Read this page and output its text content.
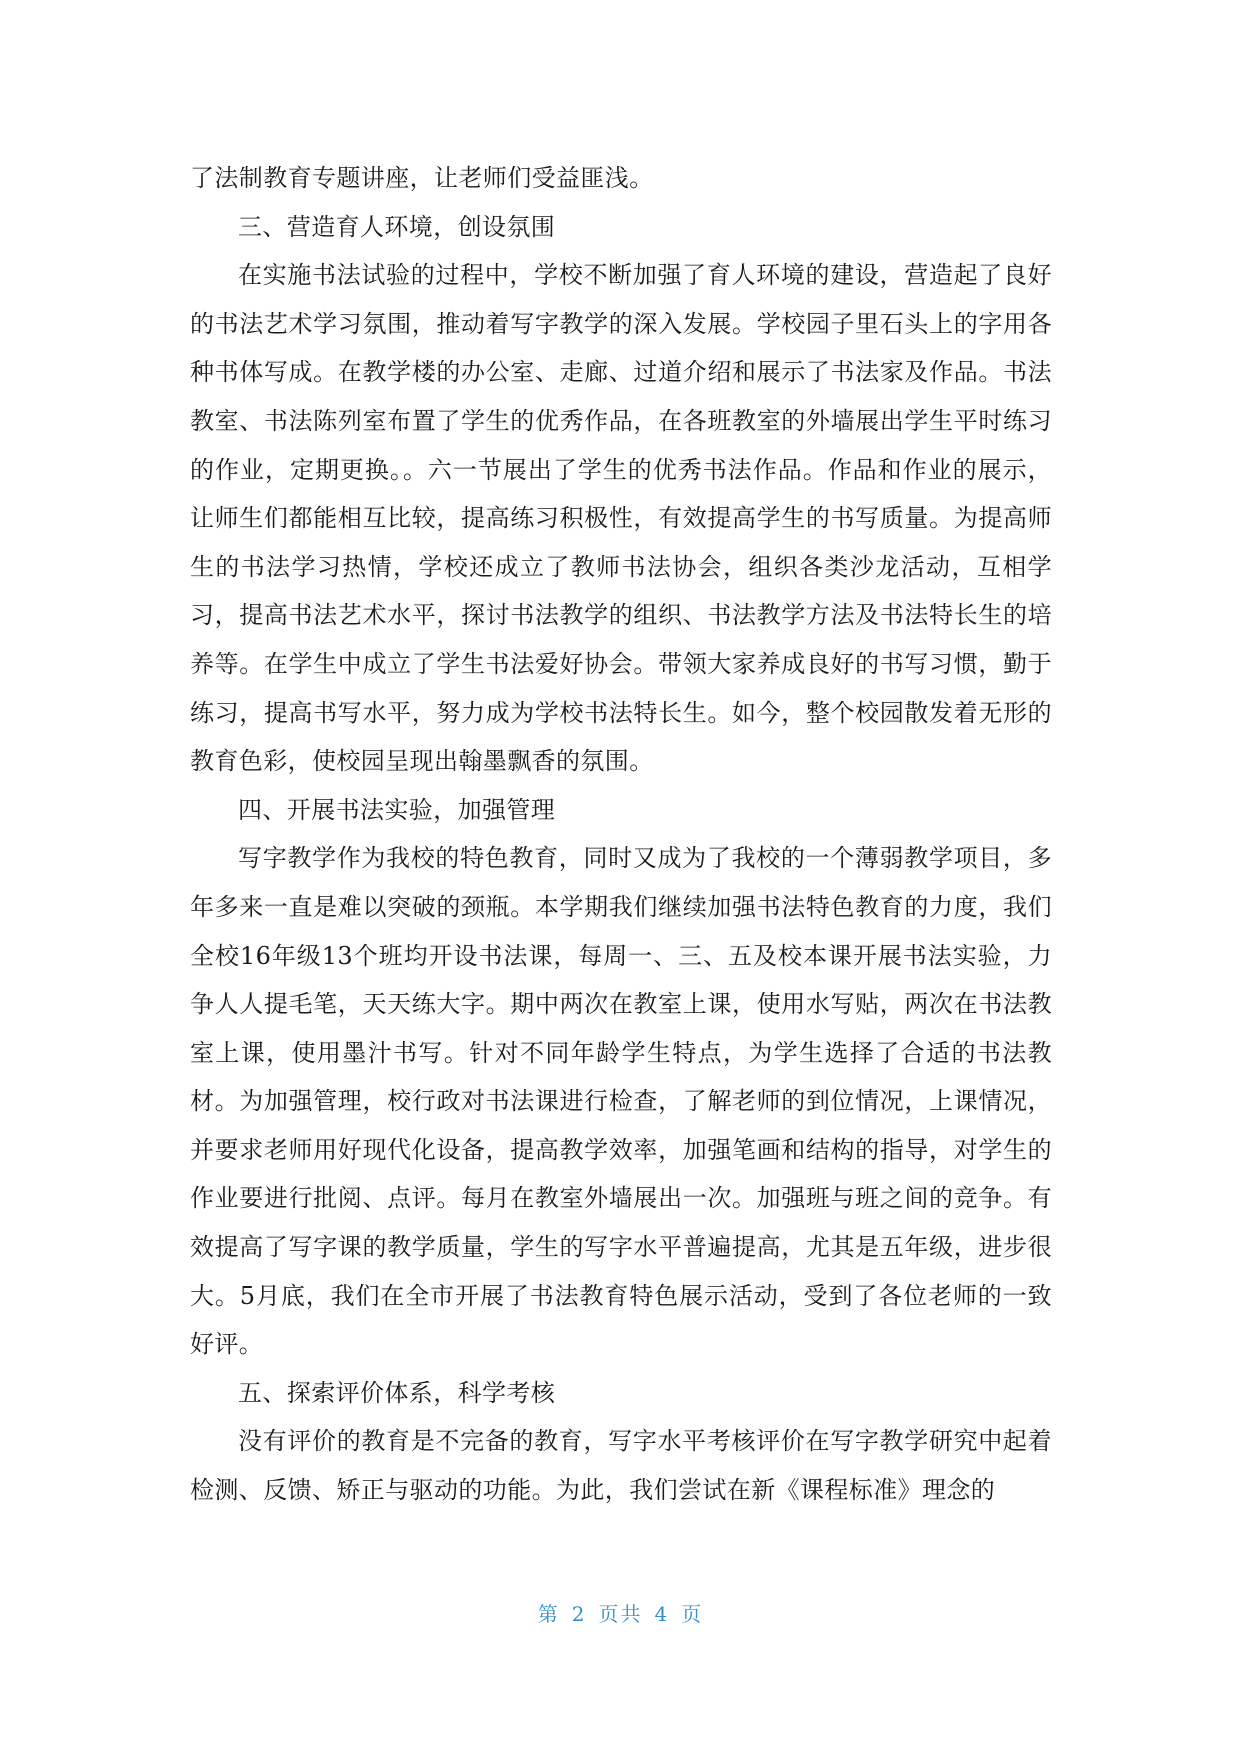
了法制教育专题讲座，让老师们受益匪浅。

三、营造育人环境，创设氛围

在实施书法试验的过程中，学校不断加强了育人环境的建设，营造起了良好的书法艺术学习氛围，推动着写字教学的深入发展。学校园子里石头上的字用各种书体写成。在教学楼的办公室、走廊、过道介绍和展示了书法家及作品。书法教室、书法陈列室布置了学生的优秀作品，在各班教室的外墙展出学生平时练习的作业，定期更换。。六一节展出了学生的优秀书法作品。作品和作业的展示，让师生们都能相互比较，提高练习积极性，有效提高学生的书写质量。为提高师生的书法学习热情，学校还成立了教师书法协会，组织各类沙龙活动，互相学习，提高书法艺术水平，探讨书法教学的组织、书法教学方法及书法特长生的培养等。在学生中成立了学生书法爱好协会。带领大家养成良好的书写习惯，勤于练习，提高书写水平，努力成为学校书法特长生。如今，整个校园散发着无形的教育色彩，使校园呈现出翰墨飘香的氛围。

四、开展书法实验，加强管理

写字教学作为我校的特色教育，同时又成为了我校的一个薄弱教学项目，多年多来一直是难以突破的颈瓶。本学期我们继续加强书法特色教育的力度，我们全校16年级13个班均开设书法课，每周一、三、五及校本课开展书法实验，力争人人提毛笔，天天练大字。期中两次在教室上课，使用水写贴，两次在书法教室上课，使用墨汁书写。针对不同年龄学生特点，为学生选择了合适的书法教材。为加强管理，校行政对书法课进行检查，了解老师的到位情况，上课情况，并要求老师用好现代化设备，提高教学效率，加强笔画和结构的指导，对学生的作业要进行批阅、点评。每月在教室外墙展出一次。加强班与班之间的竞争。有效提高了写字课的教学质量，学生的写字水平普遍提高，尤其是五年级，进步很大。5月底，我们在全市开展了书法教育特色展示活动，受到了各位老师的一致好评。

五、探索评价体系，科学考核

没有评价的教育是不完备的教育，写字水平考核评价在写字教学研究中起着检测、反馈、矫正与驱动的功能。为此，我们尝试在新《课程标准》理念的

第 2 页共 4 页
